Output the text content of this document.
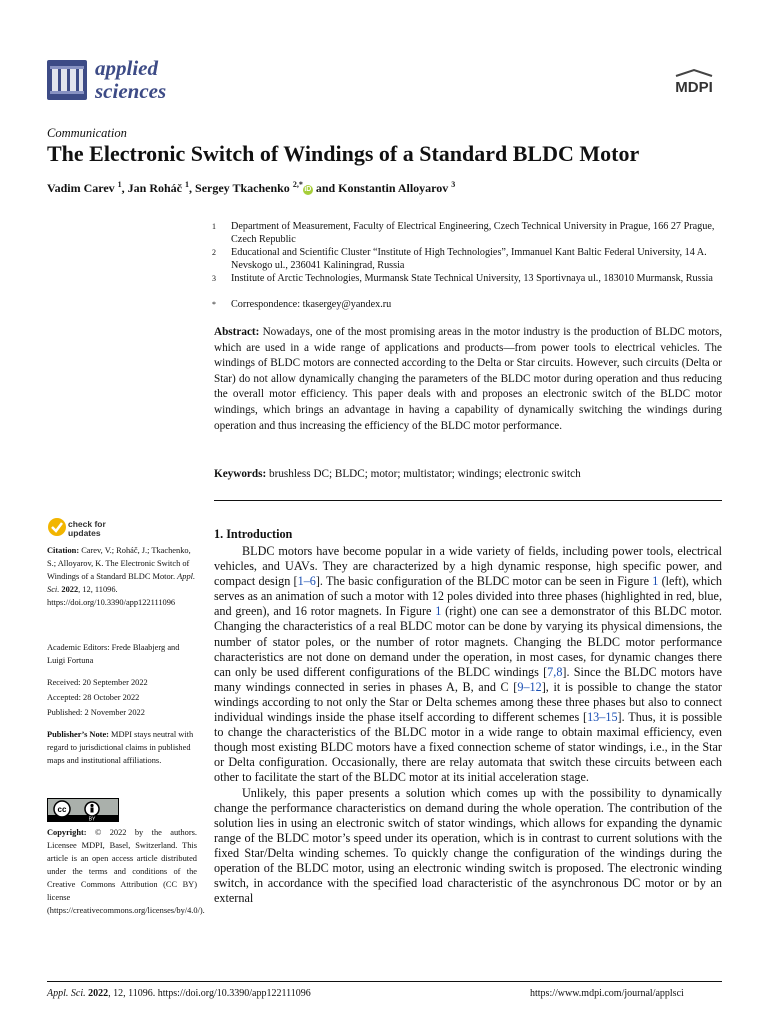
applied
sciences	MDPI
Communication
The Electronic Switch of Windings of a Standard BLDC Motor
Vadim Carev $^1$, Jan Roháč $^1$, Sergey Tkachenko $^{2,*}$iD and Konstantin Alloyarov $^3$
1	Department of Measurement, Faculty of Electrical Engineering, Czech Technical University in Prague, 166 27 Prague, Czech Republic
2	Educational and Scientific Cluster “Institute of High Technologies”, Immanuel Kant Baltic Federal University, 14 A. Nevskogo ul., 236041 Kaliningrad, Russia
3	Institute of Arctic Technologies, Murmansk State Technical University, 13 Sportivnaya ul., 183010 Murmansk, Russia
*	Correspondence: tkasergey@yandex.ru
Abstract: Nowadays, one of the most promising areas in the motor industry is the production of BLDC motors, which are used in a wide range of applications and products—from power tools to electrical vehicles. The windings of BLDC motors are connected according to the Delta or Star circuits. However, such circuits (Delta or Star) do not allow dynamically changing the parameters of the BLDC motor during operation and thus reducing the overall motor efficiency. This paper deals with and proposes an electronic switch of the BLDC motor windings, which brings an advantage in having a capability of dynamically switching the windings during operation and thus increasing the efficiency of the BLDC motor performance.
Keywords: brushless DC; BLDC; motor; multistator; windings; electronic switch
check for
updates

Citation: Carev, V.; Roháč, J.; Tkachenko, S.; Alloyarov, K. The Electronic Switch of Windings of a Standard BLDC Motor. Appl. Sci. 2022, 12, 11096. https://doi.org/10.3390/app122111096

Academic Editors: Frede Blaabjerg and Luigi Fortuna

Received: 20 September 2022

Accepted: 28 October 2022

Published: 2 November 2022

Publisher’s Note: MDPI stays neutral with regard to jurisdictional claims in published maps and institutional affiliations.

cc
BY

Copyright: © 2022 by the authors. Licensee MDPI, Basel, Switzerland. This article is an open access article distributed under the terms and conditions of the Creative Commons Attribution (CC BY) license (https://creativecommons.org/licenses/by/4.0/).

1. Introduction

BLDC motors have become popular in a wide variety of fields, including power tools, electrical vehicles, and UAVs. They are characterized by a high dynamic response, high specific power, and compact design [1–6]. The basic configuration of the BLDC motor can be seen in Figure 1 (left), which serves as an animation of such a motor with 12 poles divided into three phases (highlighted in red, blue, and green), and 16 rotor magnets. In Figure 1 (right) one can see a demonstrator of this BLDC motor. Changing the characteristics of a real BLDC motor can be done by varying its physical dimensions, the number of stator poles, or the number of rotor magnets. Changing the BLDC motor performance characteristics are not done on demand under the operation, in most cases, for dynamic changes there can only be used different configurations of the BLDC windings [7,8]. Since the BLDC motors have many windings connected in series in phases A, B, and C [9–12], it is possible to change the stator windings according to not only the Star or Delta schemes among these three phases but also to connect individual windings inside the phase itself according to different schemes [13–15]. Thus, it is possible to change the characteristics of the BLDC motor in a wide range to obtain maximal efficiency, even though most existing BLDC motors have a fixed connection scheme of stator windings, i.e., in the Star or Delta configuration. Occasionally, there are relay automata that switch these circuits between each other to facilitate the start of the BLDC motor at its initial acceleration stage.

Unlikely, this paper presents a solution which comes up with the possibility to dynamically change the performance characteristics on demand during the whole operation. The contribution of the solution lies in using an electronic switch of stator windings, which allows for expanding the dynamic range of the BLDC motor’s speed under its operation, which is in contrast to current solutions with the fixed Star/Delta winding schemes. To quickly change the configuration of the windings during the operation of the BLDC motor, using an electronic winding switch is proposed. The electronic winding switch, in accordance with the specified load characteristic of the asynchronous DC motor or by an external

Appl. Sci. 2022, 12, 11096. https://doi.org/10.3390/app122111096	https://www.mdpi.com/journal/applsci
